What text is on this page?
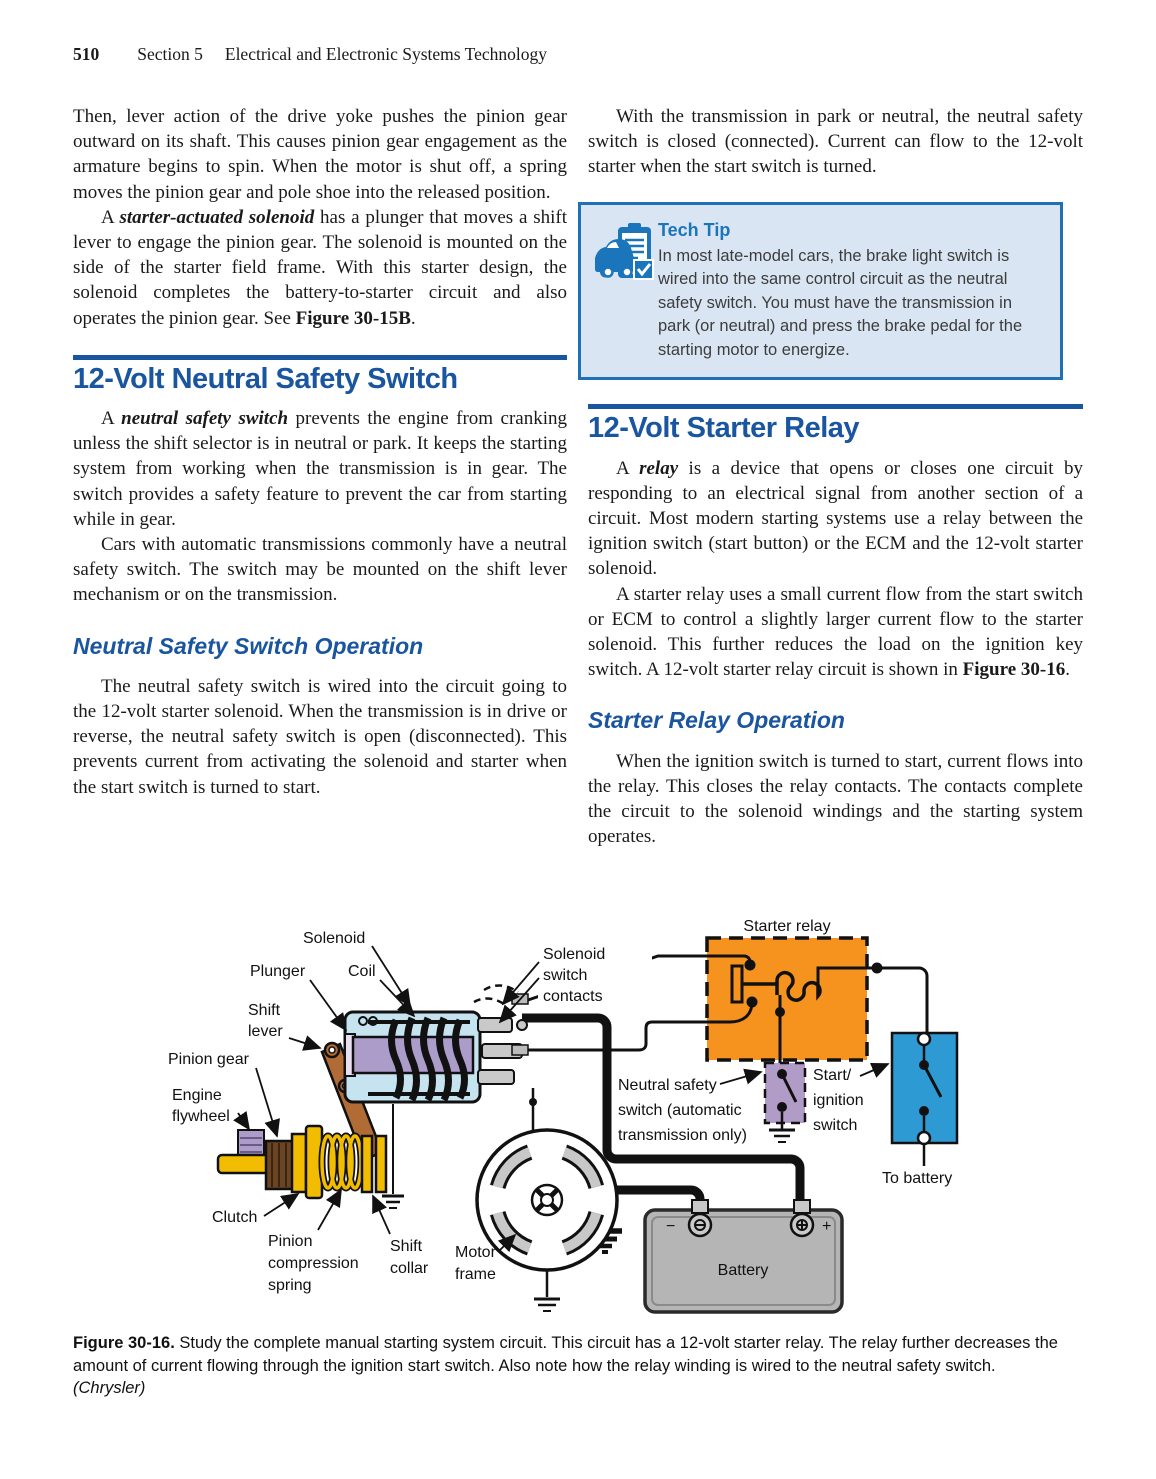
510 Section 5 Electrical and Electronic Systems Technology

Then, lever action of the drive yoke pushes the pinion gear outward on its shaft. This causes pinion gear engagement as the armature begins to spin. When the motor is shut off, a spring moves the pinion gear and pole shoe into the released position.

A starter-actuated solenoid has a plunger that moves a shift lever to engage the pinion gear. The solenoid is mounted on the side of the starter field frame. With this starter design, the solenoid completes the battery-to-starter circuit and also operates the pinion gear. See Figure 30-15B.

12-Volt Neutral Safety Switch

A neutral safety switch prevents the engine from cranking unless the shift selector is in neutral or park. It keeps the starting system from working when the transmission is in gear. The switch provides a safety feature to prevent the car from starting while in gear.

Cars with automatic transmissions commonly have a neutral safety switch. The switch may be mounted on the shift lever mechanism or on the transmission.

Neutral Safety Switch Operation

The neutral safety switch is wired into the circuit going to the 12-volt starter solenoid. When the transmission is in drive or reverse, the neutral safety switch is open (disconnected). This prevents current from activating the solenoid and starter when the start switch is turned to start.

With the transmission in park or neutral, the neutral safety switch is closed (connected). Current can flow to the 12-volt starter when the start switch is turned.

Tech Tip
In most late-model cars, the brake light switch is wired into the same control circuit as the neutral safety switch. You must have the transmission in park (or neutral) and press the brake pedal for the starting motor to energize.
12-Volt Starter Relay

A relay is a device that opens or closes one circuit by responding to an electrical signal from another section of a circuit. Most modern starting systems use a relay between the ignition switch (start button) or the ECM and the 12-volt starter solenoid.

A starter relay uses a small current flow from the start switch or ECM to control a slightly larger current flow to the starter solenoid. This further reduces the load on the ignition key switch. A 12-volt starter relay circuit is shown in Figure 30-16.

Starter Relay Operation

When the ignition switch is turned to start, current flows into the relay. This closes the relay contacts. The contacts complete the circuit to the solenoid windings and the starting system operates.

Solenoid
Plunger	Coil
Shift
lever
Pinion gear
Engine
flywheel
Clutch
Pinion
compression
spring
Shift
collar
Motor
frame
Solenoid
switch
contacts
Starter relay
Neutral safety
switch (automatic
transmission only)
Start/
ignition
switch
To battery
Battery
−	+
Figure 30-16. Study the complete manual starting system circuit. This circuit has a 12-volt starter relay. The relay further decreases the amount of current flowing through the ignition start switch. Also note how the relay winding is wired to the neutral safety switch.
(Chrysler)
